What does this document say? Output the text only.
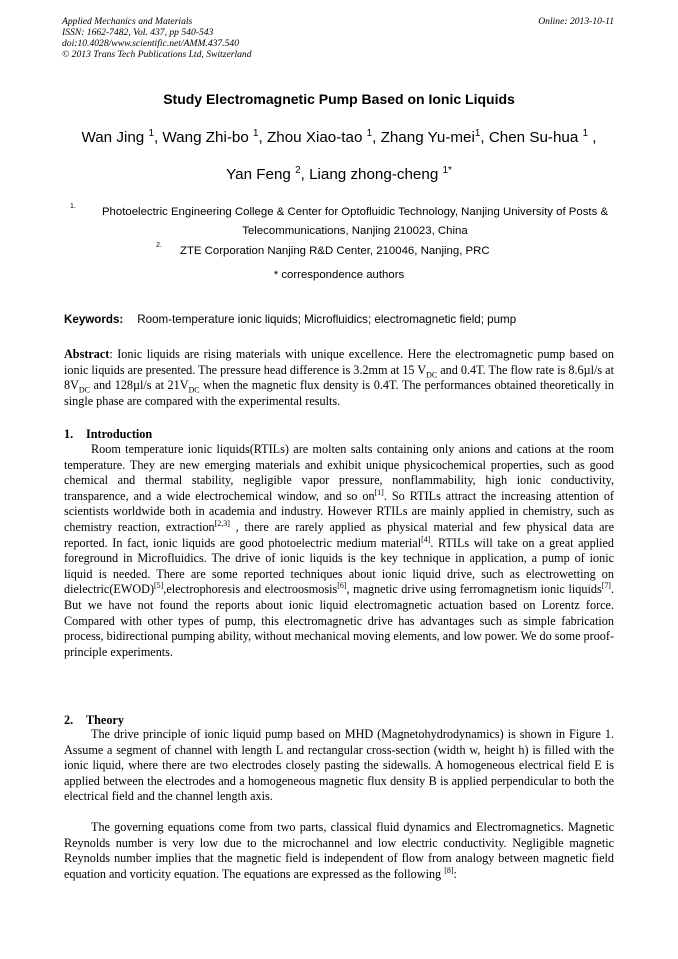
Applied Mechanics and Materials
ISSN: 1662-7482, Vol. 437, pp 540-543
doi:10.4028/www.scientific.net/AMM.437.540
© 2013 Trans Tech Publications Ltd, Switzerland
Online: 2013-10-11
Study Electromagnetic Pump Based on Ionic Liquids
Wan Jing $^1$, Wang Zhi-bo $^1$, Zhou Xiao-tao $^1$, Zhang Yu-mei$^1$, Chen Su-hua $^1$ ,
Yan Feng $^2$, Liang zhong-cheng $^{1*}$
1.	Photoelectric Engineering College & Center for Optofluidic Technology, Nanjing University of Posts & Telecommunications, Nanjing 210023, China
2. ZTE Corporation Nanjing R&D Center, 210046, Nanjing, PRC
* correspondence authors
Keywords: Room-temperature ionic liquids; Microfluidics; electromagnetic field; pump
Abstract: Ionic liquids are rising materials with unique excellence. Here the electromagnetic pump based on ionic liquids are presented. The pressure head difference is 3.2mm at 15 $V_{DC}$ and 0.4T. The flow rate is 8.6µl/s at $8V_{DC}$ and 128µl/s at $21V_{DC}$ when the magnetic flux density is 0.4T. The performances obtained theoretically in single phase are compared with the experimental results.
1. Introduction
Room temperature ionic liquids(RTILs) are molten salts containing only anions and cations at the room temperature. They are new emerging materials and exhibit unique physicochemical properties, such as good chemical and thermal stability, negligible vapor pressure, nonflammability, high ionic conductivity, transparence, and a wide electrochemical window, and so on[1]. So RTILs attract the increasing attention of scientists worldwide both in academia and industry. However RTILs are mainly applied in chemistry, such as chemistry reaction, extraction[2,3] , there are rarely applied as physical material and few physical data are reported. In fact, ionic liquids are good photoelectric medium material[4]. RTILs will take on a great applied foreground in Microfluidics. The drive of ionic liquids is the key technique in application, a pump of ionic liquid is needed. There are some reported techniques about ionic liquid drive, such as electrowetting on dielectric(EWOD)[5],electrophoresis and electroosmosis[6], magnetic drive using ferromagnetism ionic liquids[7]. But we have not found the reports about ionic liquid electromagnetic actuation based on Lorentz force. Compared with other types of pump, this electromagnetic drive has advantages such as simple fabrication process, bidirectional pumping ability, without mechanical moving elements, and low power. We do some proof-principle experiments.
2. Theory
The drive principle of ionic liquid pump based on MHD (Magnetohydrodynamics) is shown in Figure 1. Assume a segment of channel with length L and rectangular cross-section (width w, height h) is filled with the ionic liquid, where there are two electrodes closely pasting the sidewalls. A homogeneous electrical field E is applied between the electrodes and a homogeneous magnetic flux density B is applied perpendicular to both the electrical field and the channel length axis.
The governing equations come from two parts, classical fluid dynamics and Electromagnetics. Magnetic Reynolds number is very low due to the microchannel and low electric conductivity. Negligible magnetic Reynolds number implies that the magnetic field is independent of flow from analogy between magnetic field equation and vorticity equation. The equations are expressed as the following [8]:
